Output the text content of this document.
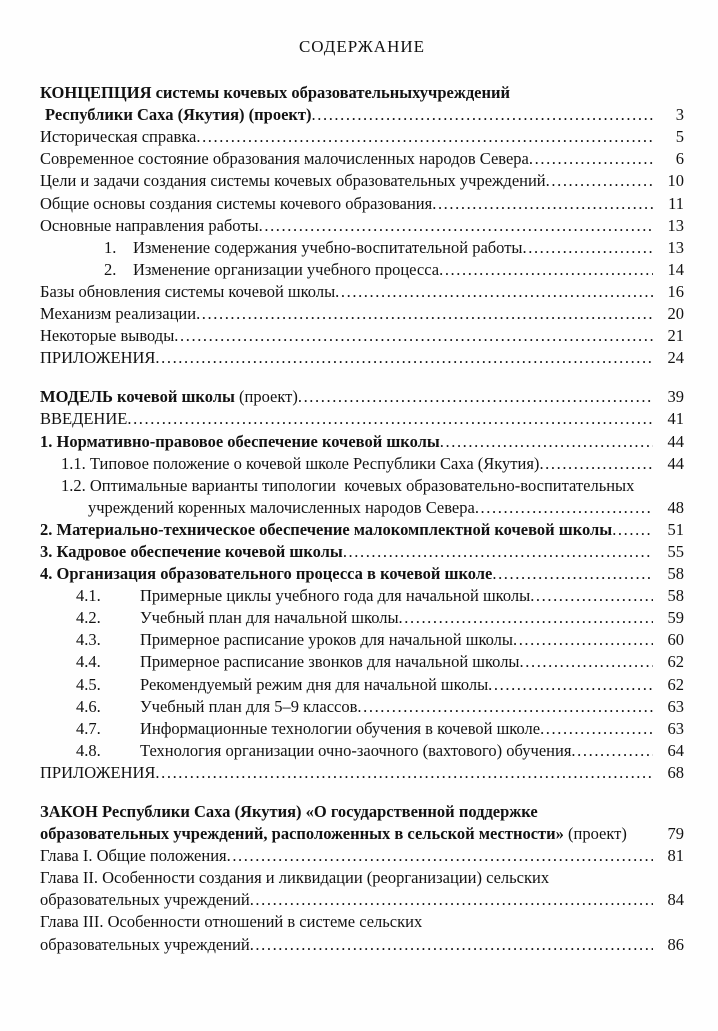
СОДЕРЖАНИЕ
КОНЦЕПЦИЯ системы кочевых образовательныхучреждений
Республики Саха (Якутия) (проект) .....	3
Историческая справка .....	5
Современное состояние образования малочисленных народов Севера .....	6
Цели и задачи создания системы кочевых образовательных учреждений .....	10
Общие основы создания системы кочевого образования .....	11
Основные направления работы .....	13
1. Изменение содержания учебно-воспитательной работы .....	13
2. Изменение организации учебного процесса .....	14
Базы обновления системы кочевой школы .....	16
Механизм реализации .....	20
Некоторые выводы .....	21
ПРИЛОЖЕНИЯ .....	24
МОДЕЛЬ кочевой школы (проект) .....	39
ВВЕДЕНИЕ .....	41
1. Нормативно-правовое обеспечение кочевой школы .....	44
1.1. Типовое положение о кочевой школе Республики Саха (Якутия) .....	44
1.2. Оптимальные варианты типологии  кочевых образовательно-воспитательных
учреждений коренных малочисленных народов Севера .....	48
2. Материально-техническое обеспечение малокомплектной кочевой школы .....	51
3. Кадровое обеспечение кочевой школы .....	55
4. Организация образовательного процесса в кочевой школе .....	58
4.1. Примерные циклы учебного года для начальной школы .....	58
4.2. Учебный план для начальной школы .....	59
4.3. Примерное расписание уроков для начальной школы .....	60
4.4. Примерное расписание звонков для начальной школы .....	62
4.5. Рекомендуемый режим дня для начальной школы .....	62
4.6. Учебный план для 5–9 классов .....	63
4.7. Информационные технологии обучения в кочевой школе .....	63
4.8. Технология организации очно-заочного (вахтового) обучения .....	64
ПРИЛОЖЕНИЯ .....	68
ЗАКОН Республики Саха (Якутия) «О государственной поддержке
образовательных учреждений, расположенных в сельской местности» (проект)	79
Глава I. Общие положения .....	81
Глава II. Особенности создания и ликвидации (реорганизации) сельских
образовательных учреждений .....	84
Глава III. Особенности отношений в системе сельских
образовательных учреждений .....	86
